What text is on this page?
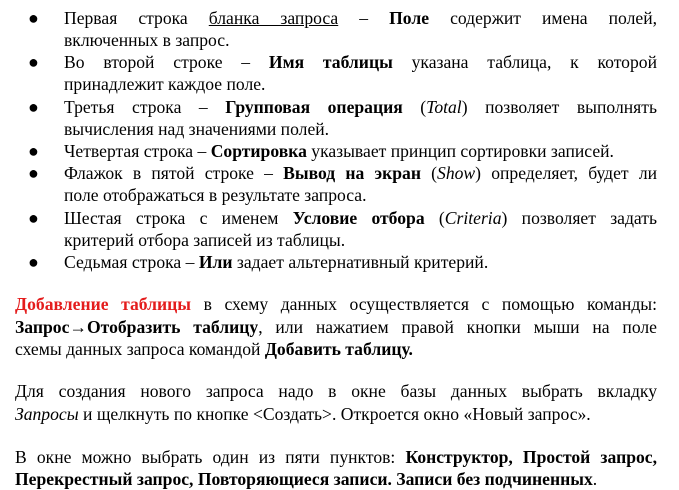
●	Первая строка бланка запроса – Поле содержит имена полей,
включенных в запрос.
●	Во второй строке – Имя таблицы указана таблица, к которой
принадлежит каждое поле.
●	Третья строка – Групповая операция (Total) позволяет выполнять
вычисления над значениями полей.
●	Четвертая строка – Сортировка указывает принцип сортировки записей.
●	Флажок в пятой строке – Вывод на экран (Show) определяет, будет ли
поле отображаться в результате запроса.
●	Шестая строка с именем Условие отбора (Criteria) позволяет задать
критерий отбора записей из таблицы.
●	Седьмая строка – Или задает альтернативный критерий.
Добавление таблицы в схему данных осуществляется с помощью команды:
Запрос→Отобразить таблицу, или нажатием правой кнопки мыши на поле
схемы данных запроса командой Добавить таблицу.
Для создания нового запроса надо в окне базы данных выбрать вкладку
Запросы и щелкнуть по кнопке <Создать>. Откроется окно «Новый запрос».
В окне можно выбрать один из пяти пунктов: Конструктор, Простой запрос,
Перекрестный запрос, Повторяющиеся записи. Записи без подчиненных.
